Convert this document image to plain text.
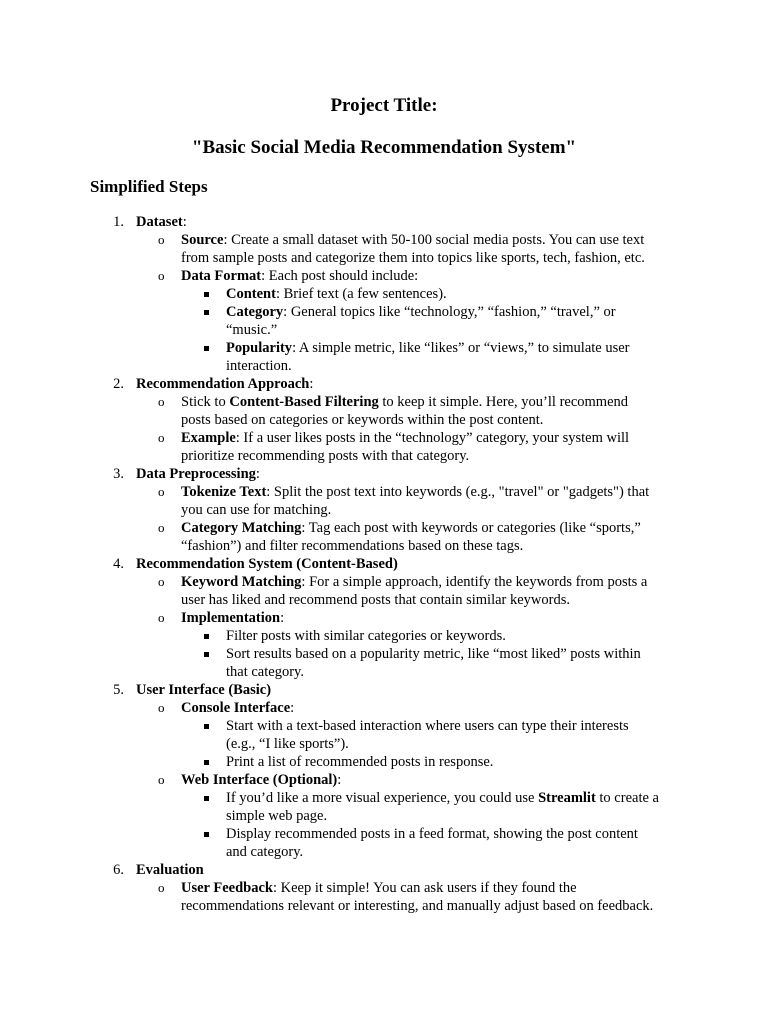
Project Title:
"Basic Social Media Recommendation System"
Simplified Steps
1. Dataset:
o Source: Create a small dataset with 50-100 social media posts. You can use text
from sample posts and categorize them into topics like sports, tech, fashion, etc.
o Data Format: Each post should include:
Content: Brief text (a few sentences).
Category: General topics like “technology,” “fashion,” “travel,” or
“music.”
Popularity: A simple metric, like “likes” or “views,” to simulate user
interaction.
2. Recommendation Approach:
o Stick to Content-Based Filtering to keep it simple. Here, you’ll recommend
posts based on categories or keywords within the post content.
o Example: If a user likes posts in the “technology” category, your system will
prioritize recommending posts with that category.
3. Data Preprocessing:
o Tokenize Text: Split the post text into keywords (e.g., "travel" or "gadgets") that
you can use for matching.
o Category Matching: Tag each post with keywords or categories (like “sports,”
“fashion”) and filter recommendations based on these tags.
4. Recommendation System (Content-Based)
o Keyword Matching: For a simple approach, identify the keywords from posts a
user has liked and recommend posts that contain similar keywords.
o Implementation:
Filter posts with similar categories or keywords.
Sort results based on a popularity metric, like “most liked” posts within
that category.
5. User Interface (Basic)
o Console Interface:
Start with a text-based interaction where users can type their interests
(e.g., “I like sports”).
Print a list of recommended posts in response.
o Web Interface (Optional):
If you’d like a more visual experience, you could use Streamlit to create a
simple web page.
Display recommended posts in a feed format, showing the post content
and category.
6. Evaluation
o User Feedback: Keep it simple! You can ask users if they found the
recommendations relevant or interesting, and manually adjust based on feedback.
